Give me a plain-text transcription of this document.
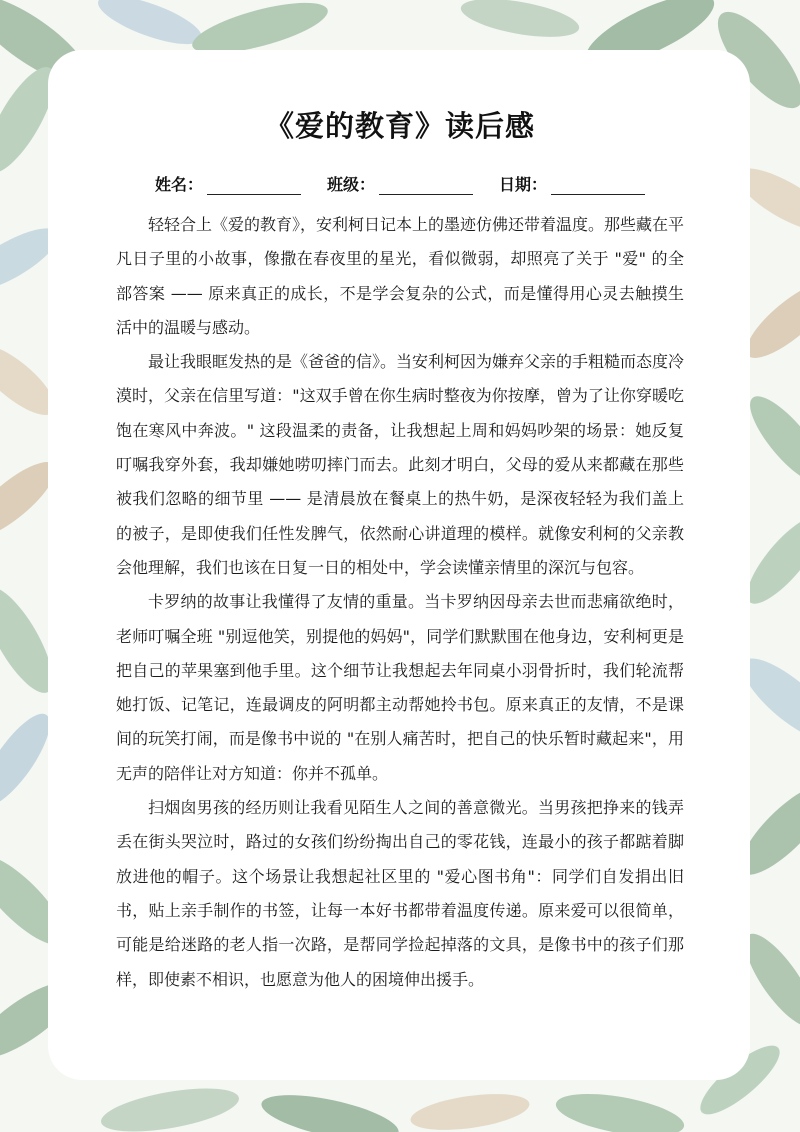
《爱的教育》读后感
姓名：	班级：	日期：

轻轻合上《爱的教育》，安利柯日记本上的墨迹仿佛还带着温度。那些藏在平凡日子里的小故事，像撒在春夜里的星光，看似微弱，却照亮了关于 "爱" 的全部答案 —— 原来真正的成长，不是学会复杂的公式，而是懂得用心灵去触摸生活中的温暖与感动。

最让我眼眶发热的是《爸爸的信》。当安利柯因为嫌弃父亲的手粗糙而态度冷漠时，父亲在信里写道："这双手曾在你生病时整夜为你按摩，曾为了让你穿暖吃饱在寒风中奔波。" 这段温柔的责备，让我想起上周和妈妈吵架的场景：她反复叮嘱我穿外套，我却嫌她唠叨摔门而去。此刻才明白，父母的爱从来都藏在那些被我们忽略的细节里 —— 是清晨放在餐桌上的热牛奶，是深夜轻轻为我们盖上的被子，是即使我们任性发脾气，依然耐心讲道理的模样。就像安利柯的父亲教会他理解，我们也该在日复一日的相处中，学会读懂亲情里的深沉与包容。

卡罗纳的故事让我懂得了友情的重量。当卡罗纳因母亲去世而悲痛欲绝时，老师叮嘱全班 "别逗他笑，别提他的妈妈"，同学们默默围在他身边，安利柯更是把自己的苹果塞到他手里。这个细节让我想起去年同桌小羽骨折时，我们轮流帮她打饭、记笔记，连最调皮的阿明都主动帮她拎书包。原来真正的友情，不是课间的玩笑打闹，而是像书中说的 "在别人痛苦时，把自己的快乐暂时藏起来"，用无声的陪伴让对方知道：你并不孤单。

扫烟囱男孩的经历则让我看见陌生人之间的善意微光。当男孩把挣来的钱弄丢在街头哭泣时，路过的女孩们纷纷掏出自己的零花钱，连最小的孩子都踮着脚放进他的帽子。这个场景让我想起社区里的 "爱心图书角"：同学们自发捐出旧书，贴上亲手制作的书签，让每一本好书都带着温度传递。原来爱可以很简单，可能是给迷路的老人指一次路，是帮同学捡起掉落的文具，是像书中的孩子们那样，即使素不相识，也愿意为他人的困境伸出援手。
